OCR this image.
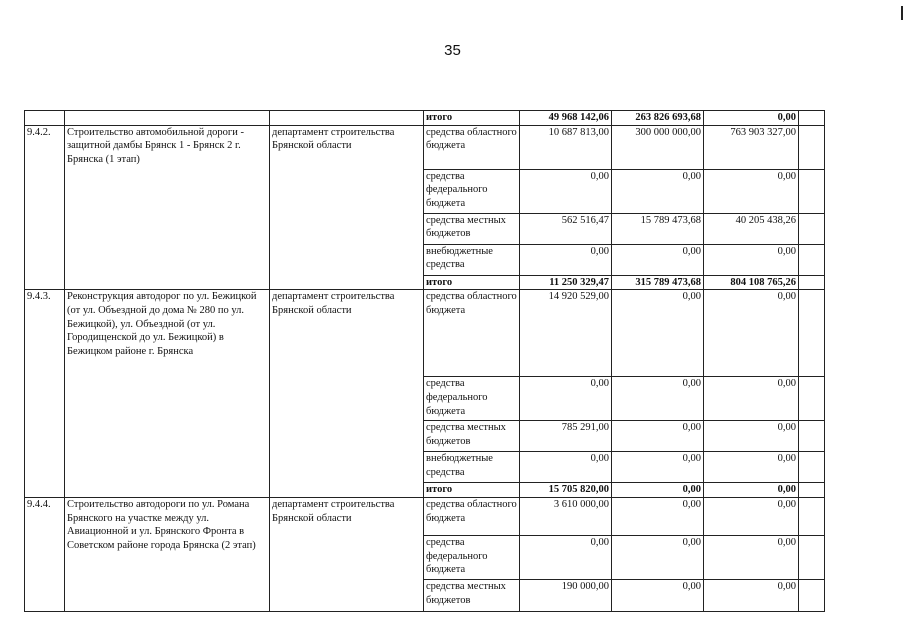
35
			итого	49 968 142,06	263 826 693,68	0,00	
9.4.2.	Строительство автомобильной дороги - защитной дамбы Брянск 1 - Брянск 2 г. Брянска (1 этап)	департамент строительства Брянской области	средства областного бюджета	10 687 813,00	300 000 000,00	763 903 327,00	
			средства федерального бюджета	0,00	0,00	0,00	
			средства местных бюджетов	562 516,47	15 789 473,68	40 205 438,26	
			внебюджетные средства	0,00	0,00	0,00	
			итого	11 250 329,47	315 789 473,68	804 108 765,26	
9.4.3.	Реконструкция автодорог по ул. Бежицкой (от ул. Объездной до дома № 280 по ул. Бежицкой), ул. Объездной (от ул. Городищенской до ул. Бежицкой) в Бежицком районе г. Брянска	департамент строительства Брянской области	средства областного бюджета	14 920 529,00	0,00	0,00	
			средства федерального бюджета	0,00	0,00	0,00	
			средства местных бюджетов	785 291,00	0,00	0,00	
			внебюджетные средства	0,00	0,00	0,00	
			итого	15 705 820,00	0,00	0,00	
9.4.4.	Строительство автодороги по ул. Романа Брянского на участке между ул. Авиационной и ул. Брянского Фронта в Советском районе города Брянска (2 этап)	департамент строительства Брянской области	средства областного бюджета	3 610 000,00	0,00	0,00	
			средства федерального бюджета	0,00	0,00	0,00	
			средства местных бюджетов	190 000,00	0,00	0,00	
